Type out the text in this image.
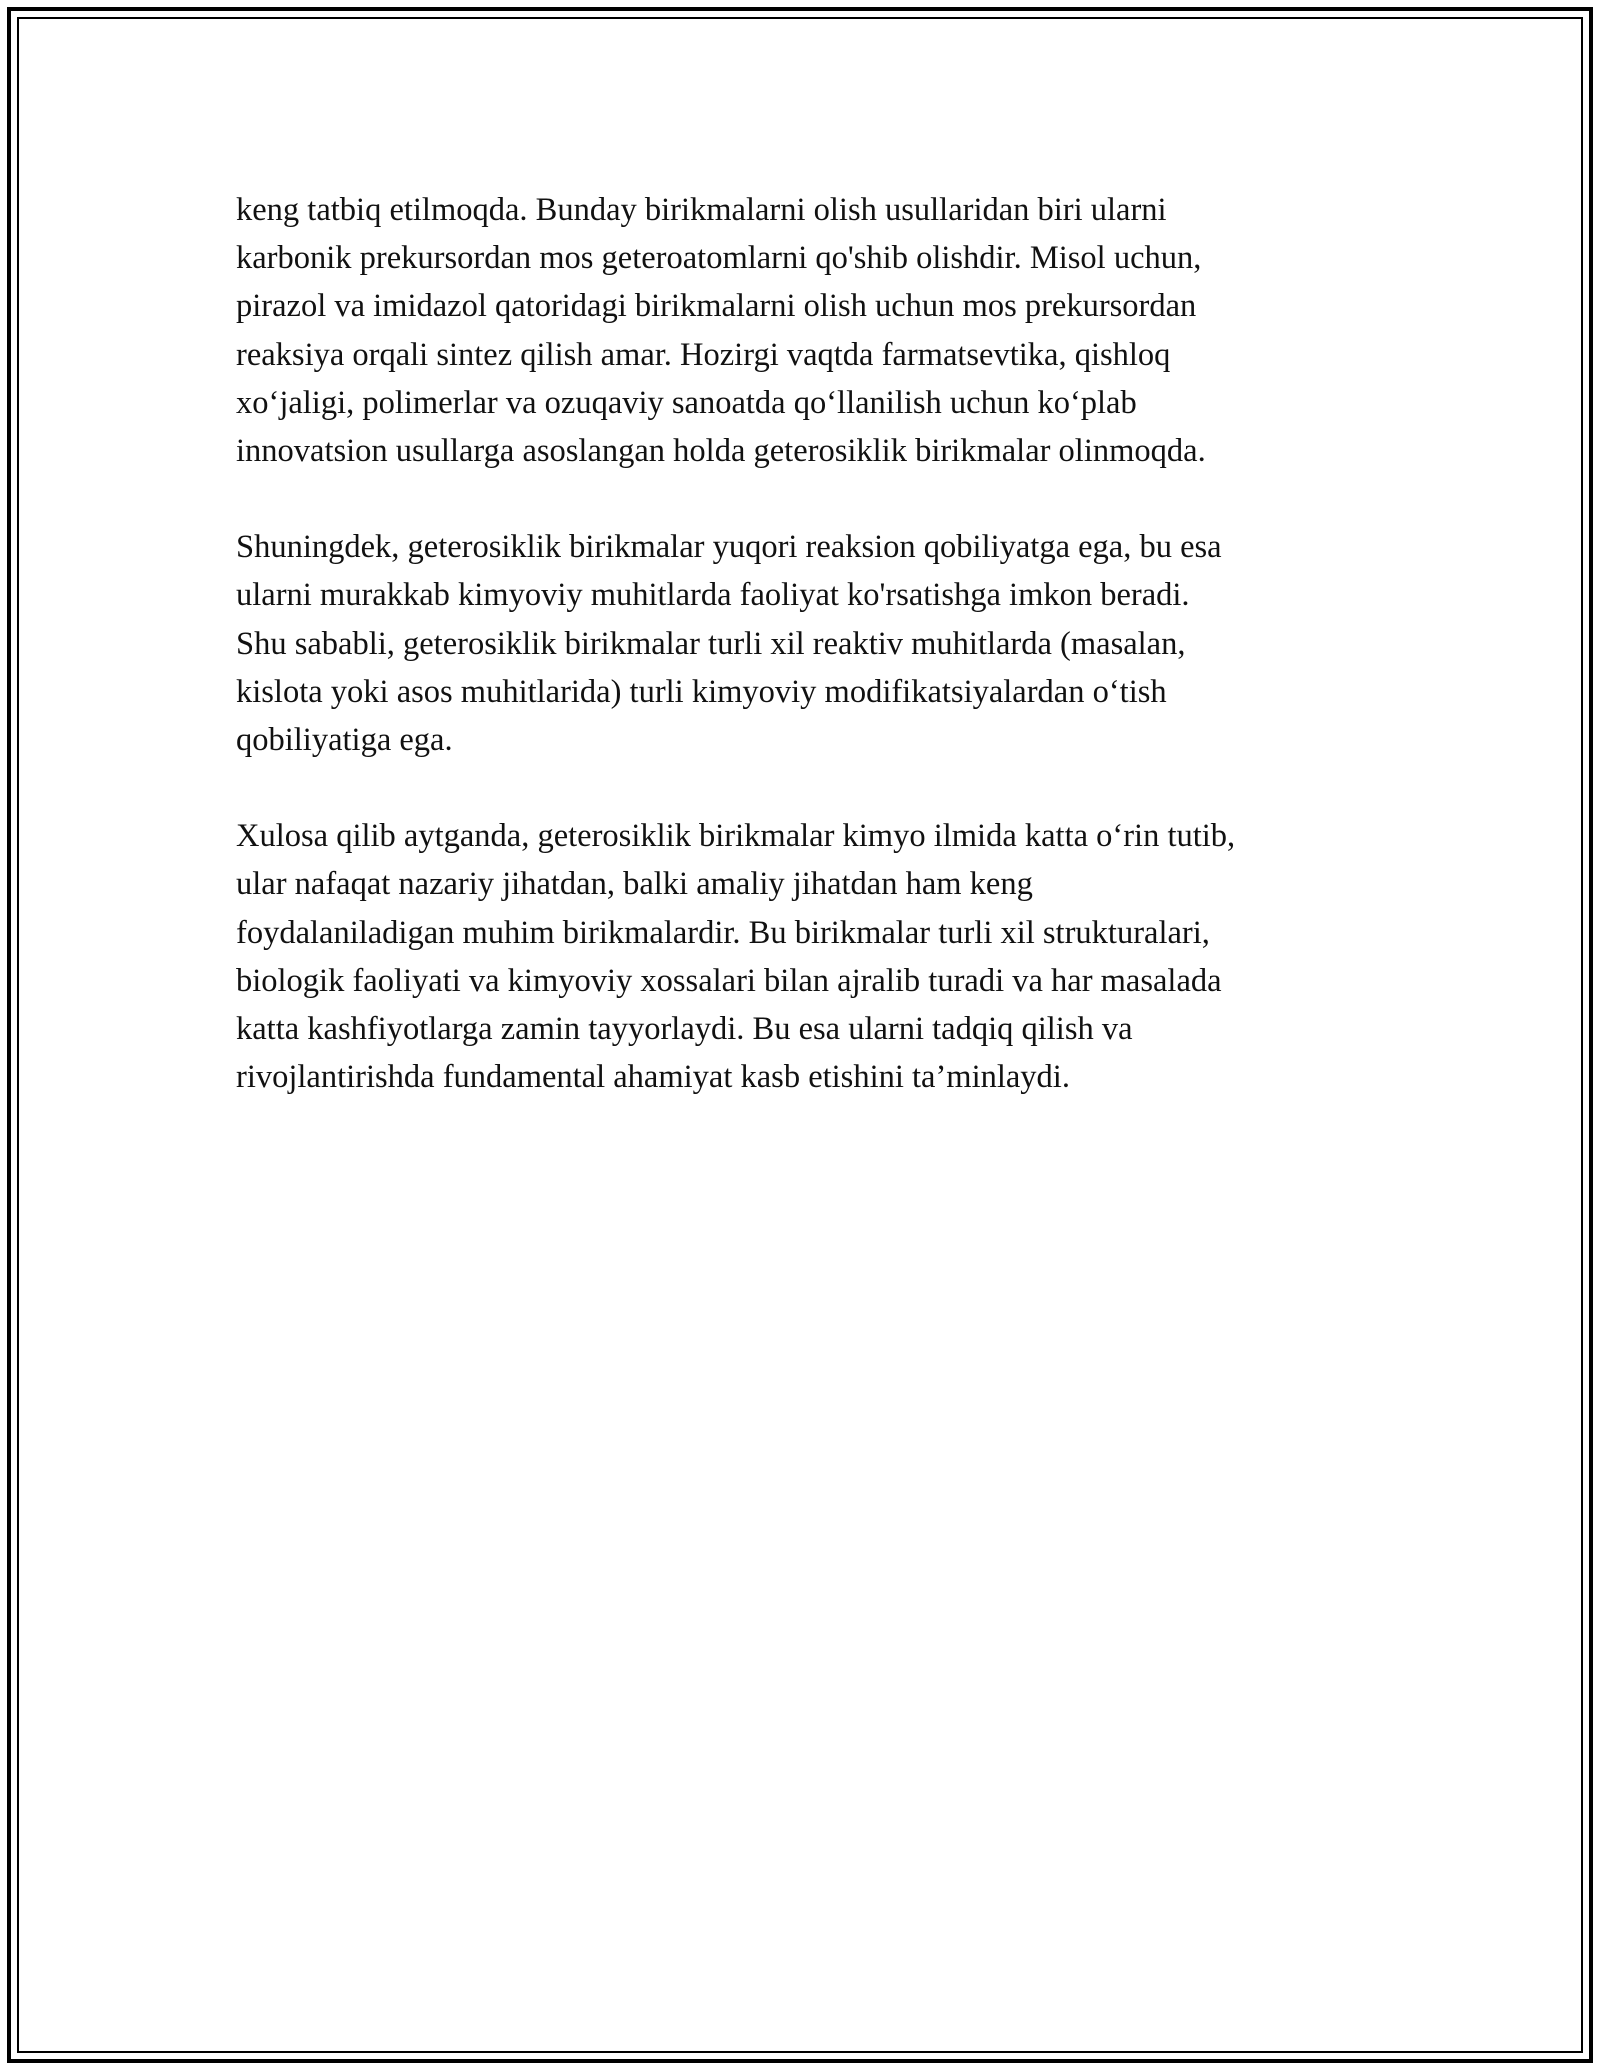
keng tatbiq etilmoqda. Bunday birikmalarni olish usullaridan biri ularni
karbonik prekursordan mos geteroatomlarni qo'shib olishdir. Misol uchun,
pirazol va imidazol qatoridagi birikmalarni olish uchun mos prekursordan
reaksiya orqali sintez qilish amar. Hozirgi vaqtda farmatsevtika, qishloq
xo‘jaligi, polimerlar va ozuqaviy sanoatda qo‘llanilish uchun ko‘plab
innovatsion usullarga asoslangan holda geterosiklik birikmalar olinmoqda.

Shuningdek, geterosiklik birikmalar yuqori reaksion qobiliyatga ega, bu esa
ularni murakkab kimyoviy muhitlarda faoliyat ko'rsatishga imkon beradi.
Shu sababli, geterosiklik birikmalar turli xil reaktiv muhitlarda (masalan,
kislota yoki asos muhitlarida) turli kimyoviy modifikatsiyalardan o‘tish
qobiliyatiga ega.

Xulosa qilib aytganda, geterosiklik birikmalar kimyo ilmida katta o‘rin tutib,
ular nafaqat nazariy jihatdan, balki amaliy jihatdan ham keng
foydalaniladigan muhim birikmalardir. Bu birikmalar turli xil strukturalari,
biologik faoliyati va kimyoviy xossalari bilan ajralib turadi va har masalada
katta kashfiyotlarga zamin tayyorlaydi. Bu esa ularni tadqiq qilish va
rivojlantirishda fundamental ahamiyat kasb etishini ta’minlaydi.
